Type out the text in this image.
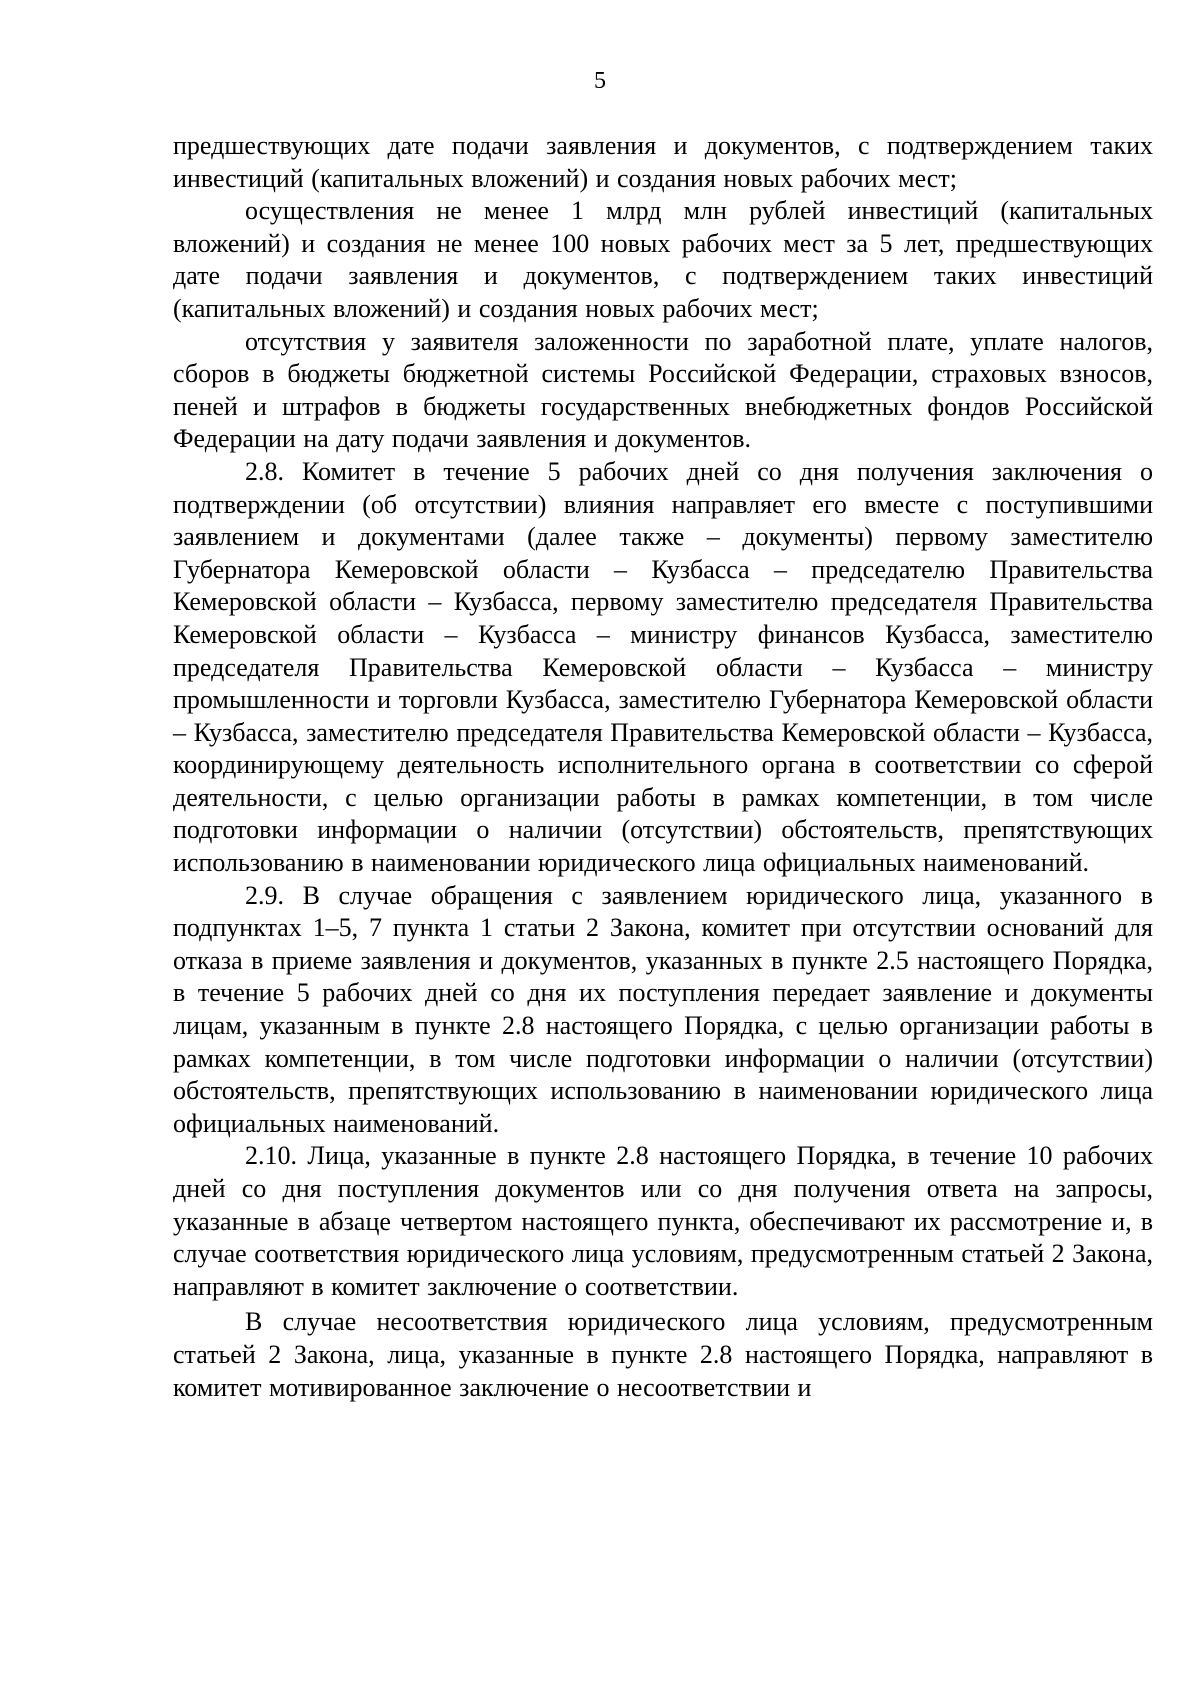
5

предшествующих дате подачи заявления и документов, с подтверждением таких инвестиций (капитальных вложений) и создания новых рабочих мест;

осуществления не менее 1 млрд млн рублей инвестиций (капитальных вложений) и создания не менее 100 новых рабочих мест за 5 лет, предшествующих дате подачи заявления и документов, с подтверждением таких инвестиций (капитальных вложений) и создания новых рабочих мест;

отсутствия у заявителя заложенности по заработной плате, уплате налогов, сборов в бюджеты бюджетной системы Российской Федерации, страховых взносов, пеней и штрафов в бюджеты государственных внебюджетных фондов Российской Федерации на дату подачи заявления и документов.

2.8. Комитет в течение 5 рабочих дней со дня получения заключения о подтверждении (об отсутствии) влияния направляет его вместе с поступившими заявлением и документами (далее также – документы) первому заместителю Губернатора Кемеровской области – Кузбасса – председателю Правительства Кемеровской области – Кузбасса, первому заместителю председателя Правительства Кемеровской области – Кузбасса – министру финансов Кузбасса, заместителю председателя Правительства Кемеровской области – Кузбасса – министру промышленности и торговли Кузбасса, заместителю Губернатора Кемеровской области – Кузбасса, заместителю председателя Правительства Кемеровской области – Кузбасса, координирующему деятельность исполнительного органа в соответствии со сферой деятельности, с целью организации работы в рамках компетенции, в том числе подготовки информации о наличии (отсутствии) обстоятельств, препятствующих использованию в наименовании юридического лица официальных наименований.

2.9. В случае обращения с заявлением юридического лица, указанного в подпунктах 1–5, 7 пункта 1 статьи 2 Закона, комитет при отсутствии оснований для отказа в приеме заявления и документов, указанных в пункте 2.5 настоящего Порядка, в течение 5 рабочих дней со дня их поступления передает заявление и документы лицам, указанным в пункте 2.8 настоящего Порядка, с целью организации работы в рамках компетенции, в том числе подготовки информации о наличии (отсутствии) обстоятельств, препятствующих использованию в наименовании юридического лица официальных наименований.

2.10. Лица, указанные в пункте 2.8 настоящего Порядка, в течение 10 рабочих дней со дня поступления документов или со дня получения ответа на запросы, указанные в абзаце четвертом настоящего пункта, обеспечивают их рассмотрение и, в случае соответствия юридического лица условиям, предусмотренным статьей 2 Закона, направляют в комитет заключение о соответствии.

В случае несоответствия юридического лица условиям, предусмотренным статьей 2 Закона, лица, указанные в пункте 2.8 настоящего Порядка, направляют в комитет мотивированное заключение о несоответствии и
